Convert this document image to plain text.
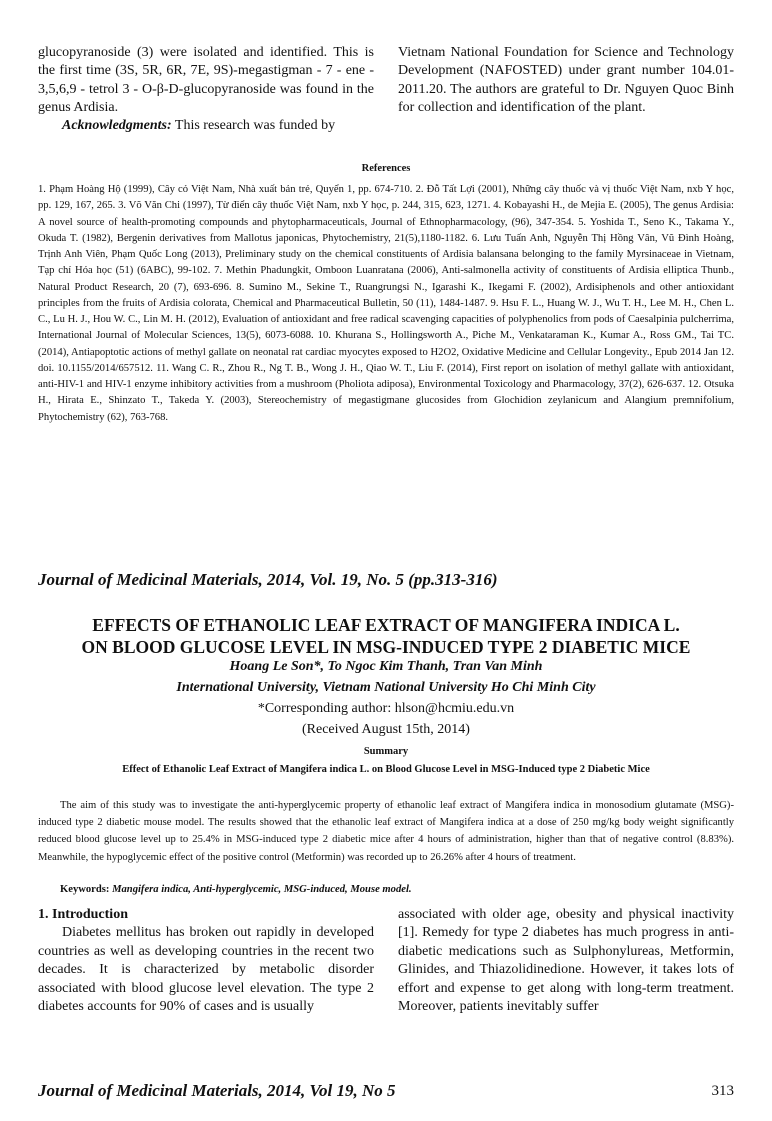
glucopyranoside (3) were isolated and identified. This is the first time (3S, 5R, 6R, 7E, 9S)-megastigman - 7 - ene - 3,5,6,9 - tetrol 3 - O-β-D-glucopyranoside was found in the genus Ardisia.

Acknowledgments: This research was funded by

Vietnam National Foundation for Science and Technology Development (NAFOSTED) under grant number 104.01-2011.20. The authors are grateful to Dr. Nguyen Quoc Binh for collection and identification of the plant.

References

1. Phạm Hoàng Hộ (1999), Cây cỏ Việt Nam, Nhà xuất bản trẻ, Quyển 1, pp. 674-710. 2. Đỗ Tất Lợi (2001), Những cây thuốc và vị thuốc Việt Nam, nxb Y học, pp. 129, 167, 265. 3. Võ Văn Chi (1997), Từ điển cây thuốc Việt Nam, nxb Y học, p. 244, 315, 623, 1271. 4. Kobayashi H., de Mejia E. (2005), The genus Ardisia: A novel source of health-promoting compounds and phytopharmaceuticals, Journal of Ethnopharmacology, (96), 347-354. 5. Yoshida T., Seno K., Takama Y., Okuda T. (1982), Bergenin derivatives from Mallotus japonicas, Phytochemistry, 21(5),1180-1182. 6. Lưu Tuấn Anh, Nguyễn Thị Hồng Vân, Vũ Đình Hoàng, Trịnh Anh Viên, Phạm Quốc Long (2013), Preliminary study on the chemical constituents of Ardisia balansana belonging to the family Myrsinaceae in Vietnam, Tạp chí Hóa học (51) (6ABC), 99-102. 7. Methin Phadungkit, Omboon Luanratana (2006), Anti-salmonella activity of constituents of Ardisia elliptica Thunb., Natural Product Research, 20 (7), 693-696. 8. Sumino M., Sekine T., Ruangrungsi N., Igarashi K., Ikegami F. (2002), Ardisiphenols and other antioxidant principles from the fruits of Ardisia colorata, Chemical and Pharmaceutical Bulletin, 50 (11), 1484-1487. 9. Hsu F. L., Huang W. J., Wu T. H., Lee M. H., Chen L. C., Lu H. J., Hou W. C., Lin M. H. (2012), Evaluation of antioxidant and free radical scavenging capacities of polyphenolics from pods of Caesalpinia pulcherrima, International Journal of Molecular Sciences, 13(5), 6073-6088. 10. Khurana S., Hollingsworth A., Piche M., Venkataraman K., Kumar A., Ross GM., Tai TC. (2014), Antiapoptotic actions of methyl gallate on neonatal rat cardiac myocytes exposed to H2O2, Oxidative Medicine and Cellular Longevity., Epub 2014 Jan 12. doi. 10.1155/2014/657512. 11. Wang C. R., Zhou R., Ng T. B., Wong J. H., Qiao W. T., Liu F. (2014), First report on isolation of methyl gallate with antioxidant, anti-HIV-1 and HIV-1 enzyme inhibitory activities from a mushroom (Pholiota adiposa), Environmental Toxicology and Pharmacology, 37(2), 626-637. 12. Otsuka H., Hirata E., Shinzato T., Takeda Y. (2003), Stereochemistry of megastigmane glucosides from Glochidion zeylanicum and Alangium premnifolium, Phytochemistry (62), 763-768.

Journal of Medicinal Materials, 2014, Vol. 19, No. 5 (pp.313-316)
EFFECTS OF ETHANOLIC LEAF EXTRACT OF MANGIFERA INDICA L.
ON BLOOD GLUCOSE LEVEL IN MSG-INDUCED TYPE 2 DIABETIC MICE
Hoang Le Son*, To Ngoc Kim Thanh, Tran Van Minh
International University, Vietnam National University Ho Chi Minh City
*Corresponding author: hlson@hcmiu.edu.vn
(Received August 15th, 2014)
Summary
Effect of Ethanolic Leaf Extract of Mangifera indica L. on Blood Glucose Level in MSG-Induced type 2 Diabetic Mice

The aim of this study was to investigate the anti-hyperglycemic property of ethanolic leaf extract of Mangifera indica in monosodium glutamate (MSG)-induced type 2 diabetic mouse model. The results showed that the ethanolic leaf extract of Mangifera indica at a dose of 250 mg/kg body weight significantly reduced blood glucose level up to 25.4% in MSG-induced type 2 diabetic mice after 4 hours of administration, higher than that of negative control (8.83%). Meanwhile, the hypoglycemic effect of the positive control (Metformin) was recorded up to 26.26% after 4 hours of treatment.

Keywords: Mangifera indica, Anti-hyperglycemic, MSG-induced, Mouse model.

1. Introduction

Diabetes mellitus has broken out rapidly in developed countries as well as developing countries in the recent two decades. It is characterized by metabolic disorder associated with blood glucose level elevation. The type 2 diabetes accounts for 90% of cases and is usually

associated with older age, obesity and physical inactivity [1]. Remedy for type 2 diabetes has much progress in anti-diabetic medications such as Sulphonylureas, Metformin, Glinides, and Thiazolidinedione. However, it takes lots of effort and expense to get along with long-term treatment. Moreover, patients inevitably suffer

Journal of Medicinal Materials, 2014, Vol 19, No 5	313
